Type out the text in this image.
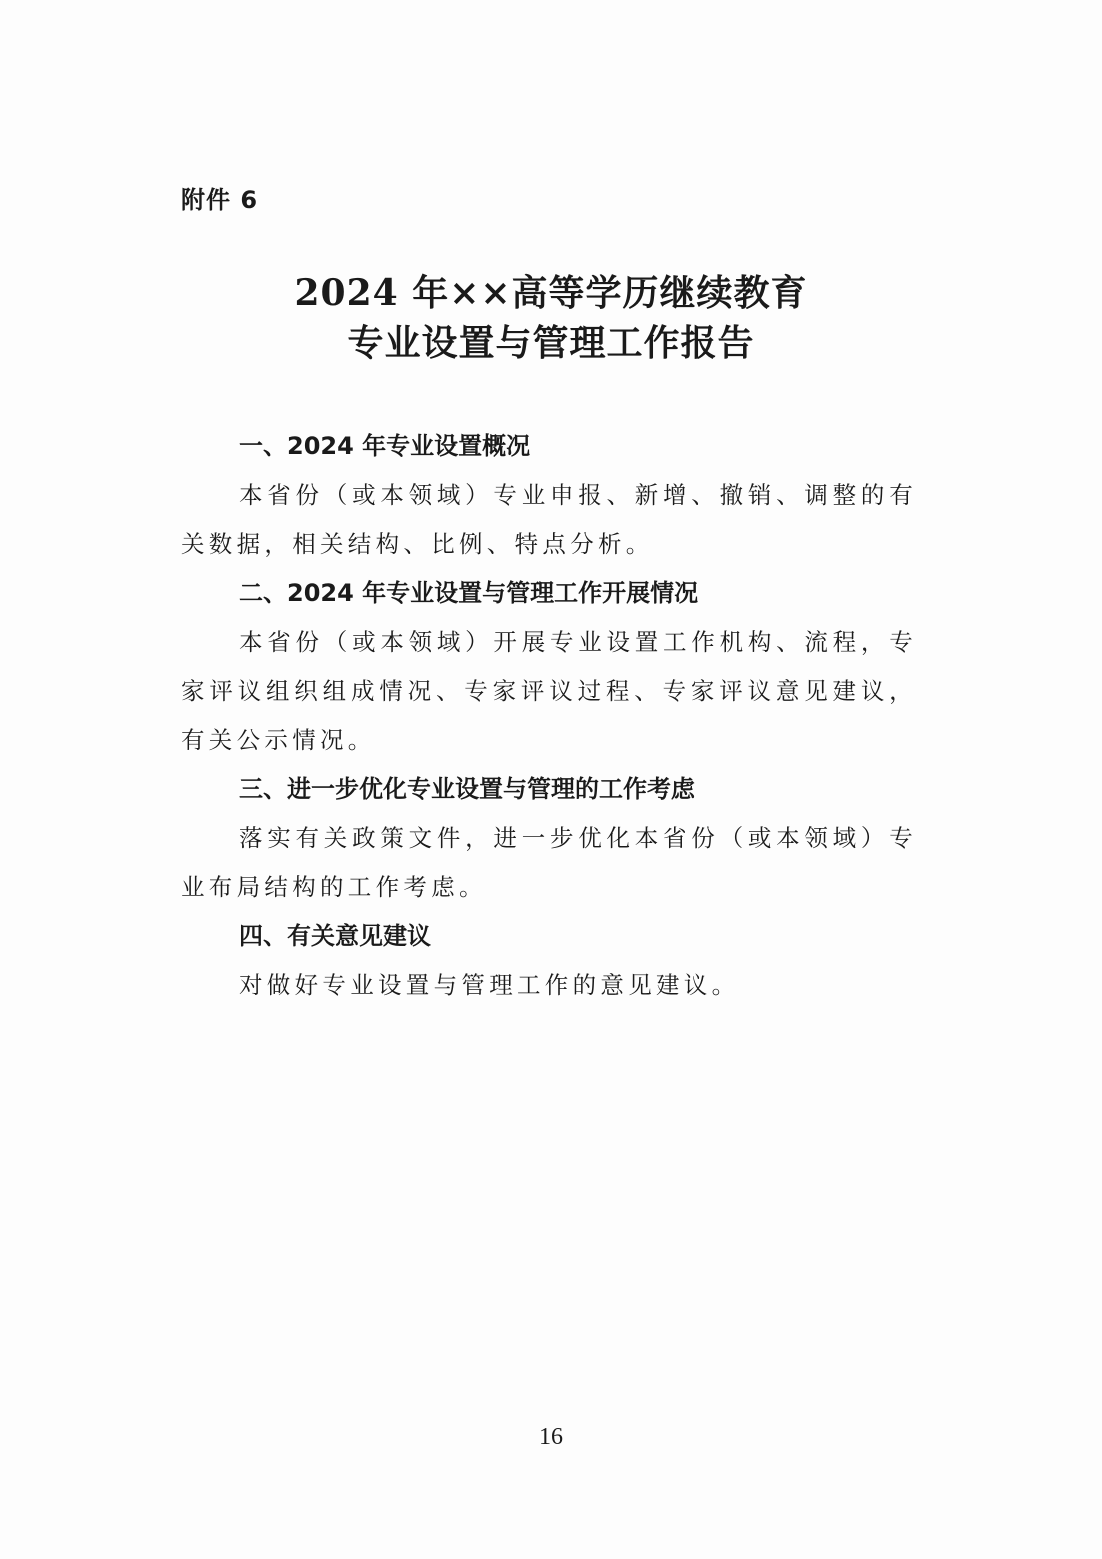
附件 6
2024 年××高等学历继续教育
专业设置与管理工作报告
一、2024 年专业设置概况

本省份（或本领域）专业申报、新增、撤销、调整的有关数据，相关结构、比例、特点分析。

二、2024 年专业设置与管理工作开展情况

本省份（或本领域）开展专业设置工作机构、流程，专家评议组织组成情况、专家评议过程、专家评议意见建议，有关公示情况。

三、进一步优化专业设置与管理的工作考虑

落实有关政策文件，进一步优化本省份（或本领域）专业布局结构的工作考虑。

四、有关意见建议

对做好专业设置与管理工作的意见建议。

16
